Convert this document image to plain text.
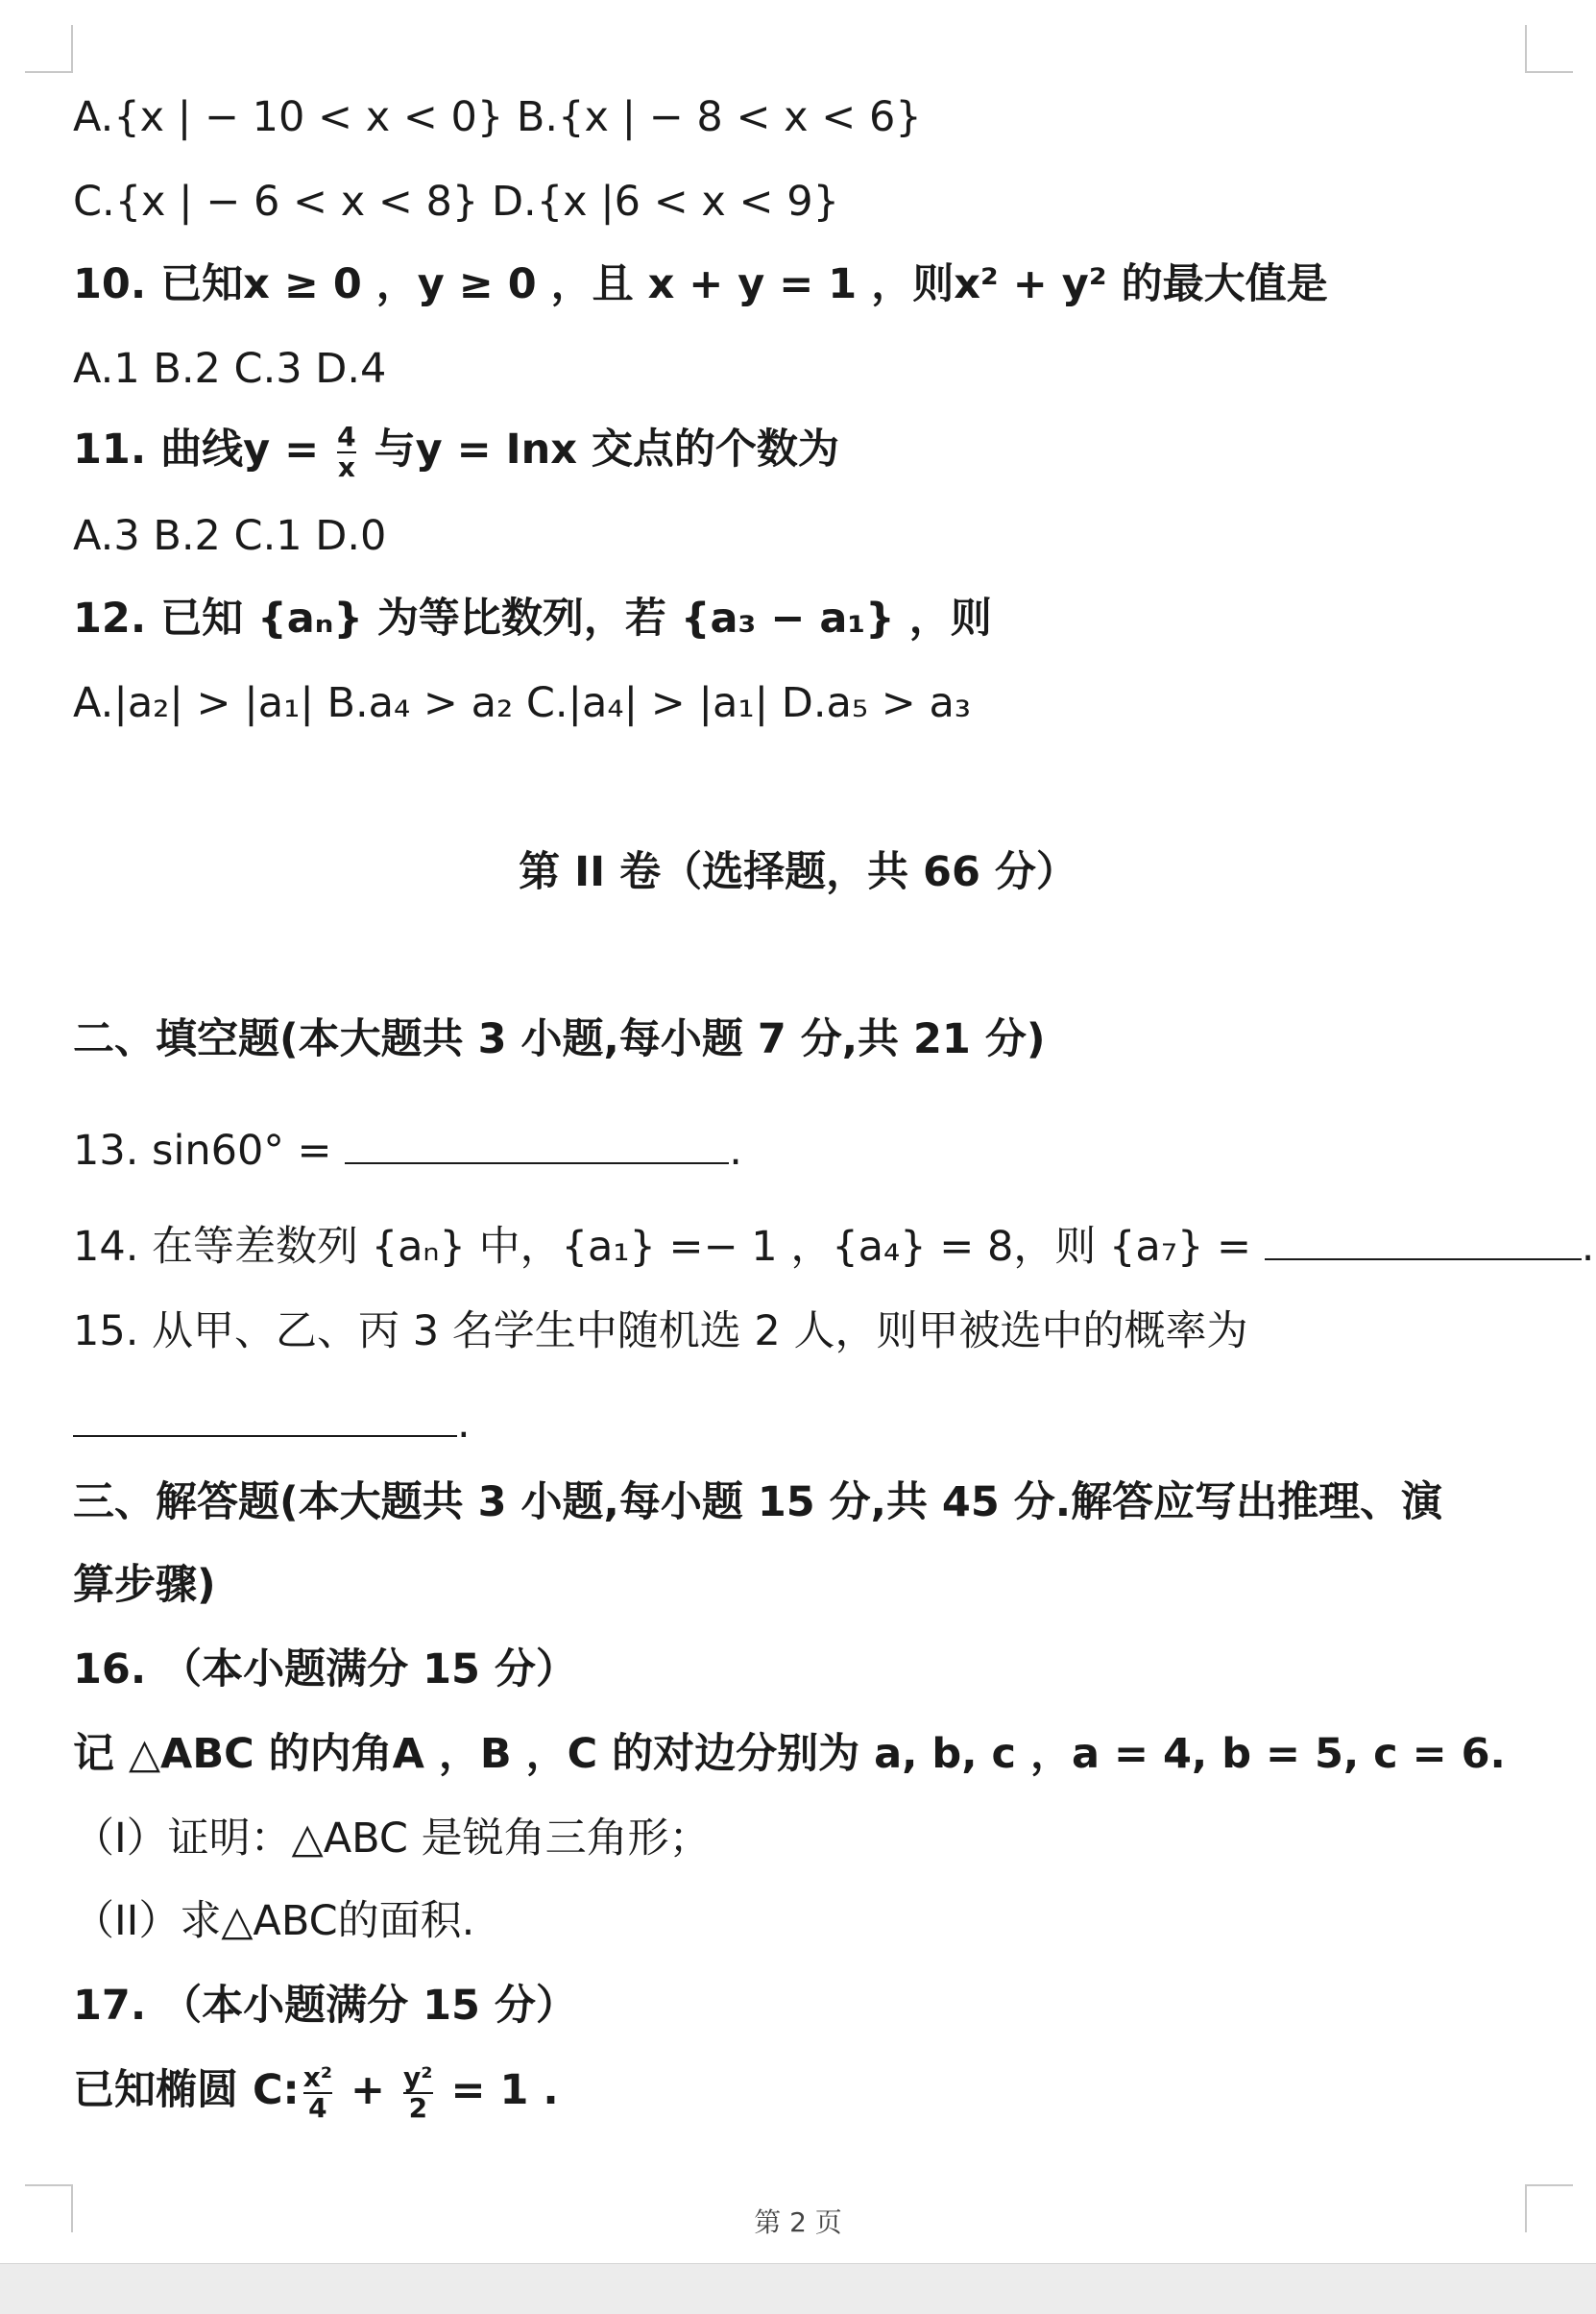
A.{x | − 10 < x < 0} B.{x | − 8 < x < 6}
C.{x | − 6 < x < 8} D.{x |6 < x < 9}
10. 已知x ≥ 0 ，y ≥ 0 ，且 x + y = 1 ，则x² + y² 的最大值是
A.1 B.2 C.3 D.4
11. 曲线$y = \frac{4}{x}$ 与y = Inx 交点的个数为
A.3 B.2 C.1 D.0
12. 已知 {aₙ} 为等比数列，若 {a₃ − a₁} ，则
A.|a₂| > |a₁| B.a₄ > a₂ C.|a₄| > |a₁| D.a₅ > a₃
第 II 卷（选择题，共 66 分）
二、填空题(本大题共 3 小题,每小题 7 分,共 21 分)
13. sin60° =	.
14. 在等差数列 {aₙ} 中，{a₁} =− 1 ，{a₄} = 8，则 {a₇} =	.
15. 从甲、乙、丙 3 名学生中随机选 2 人，则甲被选中的概率为
.
三、解答题(本大题共 3 小题,每小题 15 分,共 45 分.解答应写出推理、演
算步骤)
16. （本小题满分 15 分）
记 △ABC 的内角A ，B ，C 的对边分别为 a, b, c ，a = 4, b = 5, c = 6.
（I）证明：△ABC 是锐角三角形；
（II）求△ABC的面积.
17. （本小题满分 15 分）
已知椭圆 C: $\frac{\text{x²}}{4} + \frac{\text{y²}}{2} = 1$ .
第 2 页
